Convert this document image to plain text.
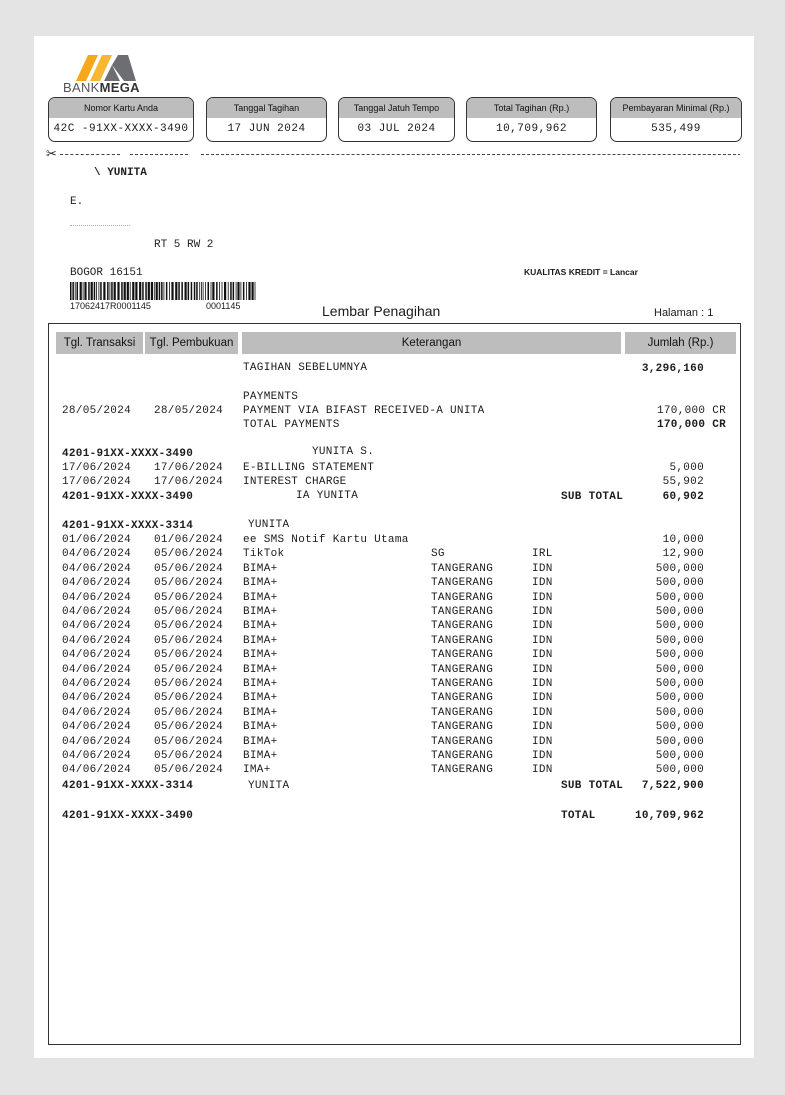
BANKMEGA
Nomor Kartu Anda
42C -91XX-XXXX-3490
Tanggal Tagihan
17 JUN 2024
Tanggal Jatuh Tempo
03 JUL 2024
Total Tagihan (Rp.)
10,709,962
Pembayaran Minimal (Rp.)
535,499
✂
\ YUNITA
E.
RT 5 RW 2
BOGOR 16151	KUALITAS KREDIT = Lancar
17062417R0001145	0001145	Lembar Penagihan	Halaman : 1
Tgl. Transaksi	Tgl. Pembukuan	Keterangan	Jumlah (Rp.)
TAGIHAN SEBELUMNYA	3,296,160
PAYMENTS
28/05/2024 28/05/2024 PAYMENT VIA BIFAST RECEIVED-A UNITA	170,000 CR
TOTAL PAYMENTS	170,000 CR
4201-91XX-XXXX-3490	YUNITA S.
17/06/2024 17/06/2024 E-BILLING STATEMENT	5,000
17/06/2024 17/06/2024 INTEREST CHARGE	55,902
4201-91XX-XXXX-3490	IA YUNITA	SUB TOTAL	60,902
4201-91XX-XXXX-3314	YUNITA
01/06/2024 01/06/2024 ee SMS Notif Kartu Utama	10,000
04/06/2024 05/06/2024 TikTok	SG	IRL	12,900
04/06/2024 05/06/2024 BIMA+	TANGERANG	IDN	500,000
04/06/2024 05/06/2024 BIMA+	TANGERANG	IDN	500,000
04/06/2024 05/06/2024 BIMA+	TANGERANG	IDN	500,000
04/06/2024 05/06/2024 BIMA+	TANGERANG	IDN	500,000
04/06/2024 05/06/2024 BIMA+	TANGERANG	IDN	500,000
04/06/2024 05/06/2024 BIMA+	TANGERANG	IDN	500,000
04/06/2024 05/06/2024 BIMA+	TANGERANG	IDN	500,000
04/06/2024 05/06/2024 BIMA+	TANGERANG	IDN	500,000
04/06/2024 05/06/2024 BIMA+	TANGERANG	IDN	500,000
04/06/2024 05/06/2024 BIMA+	TANGERANG	IDN	500,000
04/06/2024 05/06/2024 BIMA+	TANGERANG	IDN	500,000
04/06/2024 05/06/2024 BIMA+	TANGERANG	IDN	500,000
04/06/2024 05/06/2024 BIMA+	TANGERANG	IDN	500,000
04/06/2024 05/06/2024 BIMA+	TANGERANG	IDN	500,000
04/06/2024 05/06/2024 IMA+	TANGERANG	IDN	500,000
4201-91XX-XXXX-3314	YUNITA	SUB TOTAL	7,522,900
4201-91XX-XXXX-3490	TOTAL	10,709,962
